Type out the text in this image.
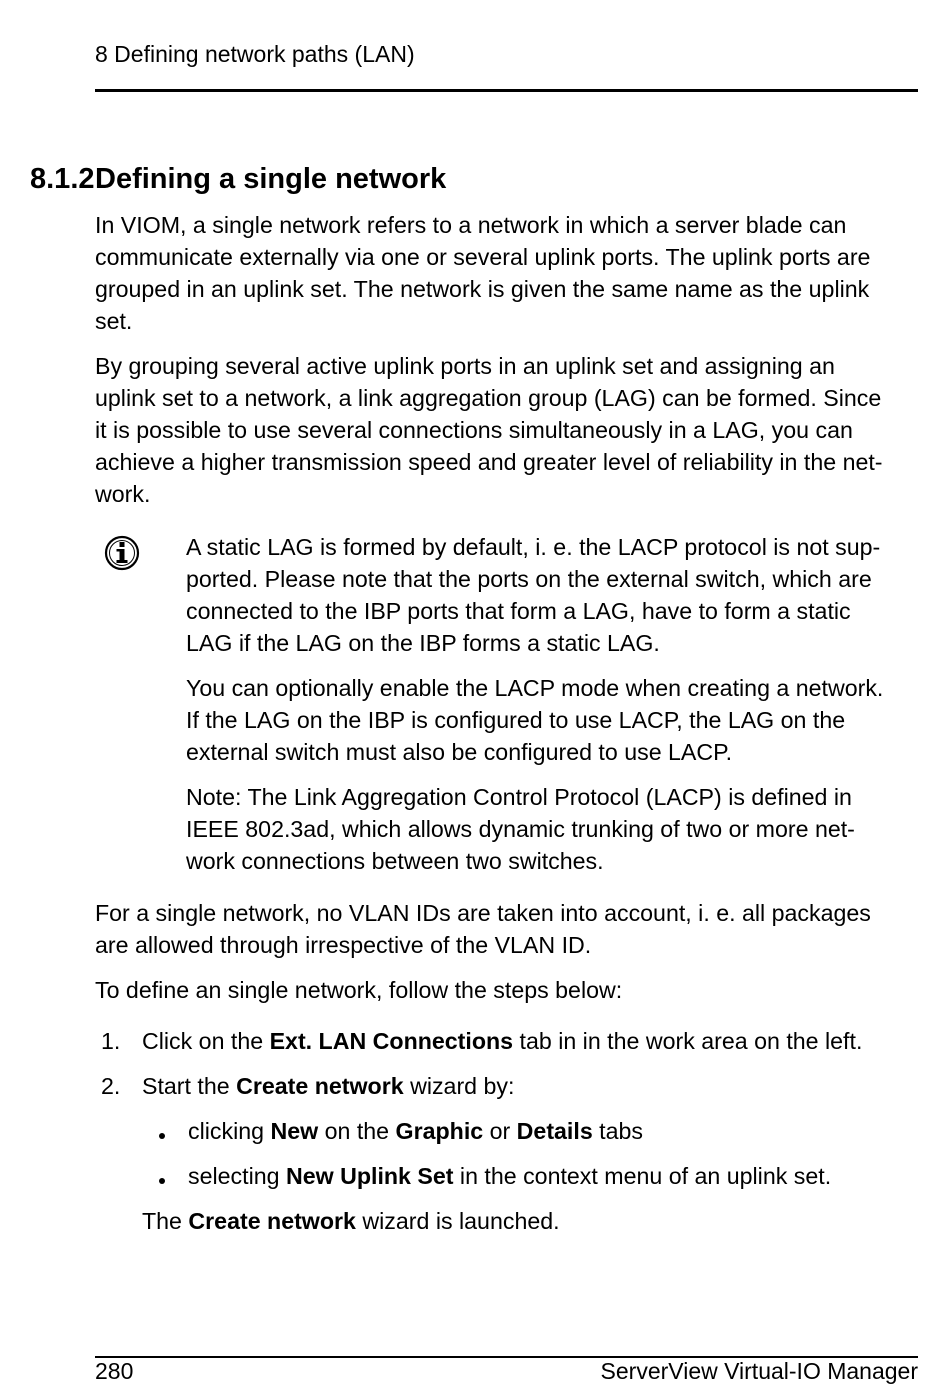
8 Defining network paths (LAN)
8.1.2 Defining a single network

In VIOM, a single network refers to a network in which a server blade can
communicate externally via one or several uplink ports. The uplink ports are
grouped in an uplink set. The network is given the same name as the uplink
set.

By grouping several active uplink ports in an uplink set and assigning an
uplink set to a network, a link aggregation group (LAG) can be formed. Since
it is possible to use several connections simultaneously in a LAG, you can
achieve a higher transmission speed and greater level of reliability in the net-
work.

A static LAG is formed by default, i. e. the LACP protocol is not sup-
ported. Please note that the ports on the external switch, which are
connected to the IBP ports that form a LAG, have to form a static
LAG if the LAG on the IBP forms a static LAG.

You can optionally enable the LACP mode when creating a network.
If the LAG on the IBP is configured to use LACP, the LAG on the
external switch must also be configured to use LACP.

Note: The Link Aggregation Control Protocol (LACP) is defined in
IEEE 802.3ad, which allows dynamic trunking of two or more net-
work connections between two switches.

For a single network, no VLAN IDs are taken into account, i. e. all packages
are allowed through irrespective of the VLAN ID.

To define an single network, follow the steps below:

1. Click on the Ext. LAN Connections tab in in the work area on the left.
2. Start the Create network wizard by:
clicking New on the Graphic or Details tabs
selecting New Uplink Set in the context menu of an uplink set.
The Create network wizard is launched.
280	ServerView Virtual-IO Manager
